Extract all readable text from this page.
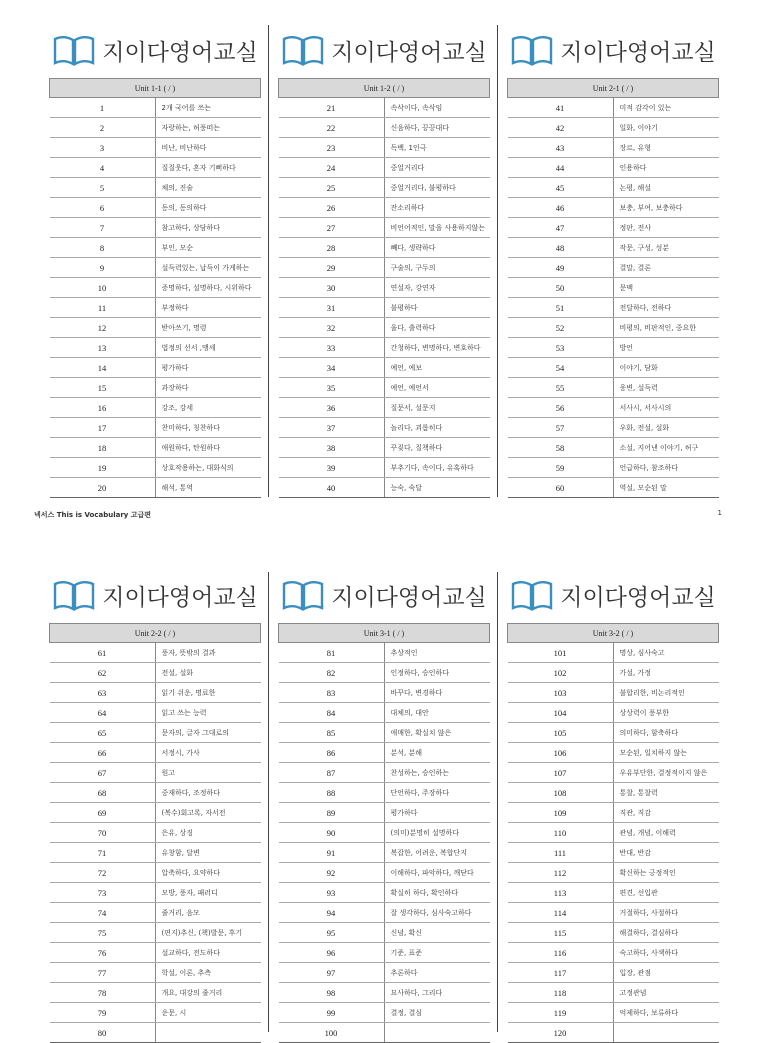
지이다영어교실
Unit 1-1 ( / )	
1	2개 국어를 쓰는
2	자랑하는, 허풍떠는
3	비난, 비난하다
4	질질웃다, 혼자 기뻐하다
5	체의, 진술
6	동의, 동의하다
7	참고하다, 상담하다
8	부인, 모순
9	설득력있는, 납득이 가게하는
10	증명하다, 설명하다, 시위하다
11	부정하다
12	받아쓰기, 명령
13	법정의 선서 ,맹세
14	평가하다
15	과장하다
16	강조, 강세
17	찬미하다, 칭찬하다
18	애원하다, 탄원하다
19	상호작용하는, 대화식의
20	해석, 통역
지이다영어교실
Unit 1-2 ( / )	
21	속삭이다, 속삭임
22	신음하다, 끙끙대다
23	독백, 1인극
24	중얼거리다
25	중얼거리다, 불평하다
26	잔소리하다
27	비언어적인, 말을 사용하지않는
28	빼다, 생략하다
29	구술의, 구두의
30	연설자, 강연자
31	불평하다
32	울다, 출력하다
33	간청하다, 변명하다, 변호하다
34	예언, 예보
35	예언, 예언서
36	질문서, 설문지
37	놀리다, 괴롭히다
38	꾸짖다, 질책하다
39	부추기다, 속이다, 유혹하다
40	능숙, 숙달
지이다영어교실
Unit 2-1 ( / )	
41	미적 감각이 있는
42	일화, 이야기
43	장르, 유형
44	인용하다
45	논평, 해설
46	보충, 부여, 보충하다
47	정판, 전사
48	작문, 구성, 성분
49	결말, 결론
50	문맥
51	전달하다, 전하다
52	비평의, 비판적인, 중요한
53	방언
54	이야기, 담화
55	웅변, 설득력
56	서사시, 서사시의
57	우화, 전설, 설화
58	소설, 지어낸 이야기, 허구
59	언급하다, 참조하다
60	역설, 모순된 말
넥서스 This is Vocabulary 고급편	1
지이다영어교실
Unit 2-2 ( / )	
61	풍자, 뜻밖의 결과
62	전설, 설화
63	읽기 쉬운, 명료한
64	읽고 쓰는 능력
65	문자의, 글자 그대로의
66	서정시, 가사
67	원고
68	중재하다, 조정하다
69	(복수)회고록, 자서전
70	은유, 상징
71	유창함, 달변
72	압축하다, 요약하다
73	모방, 풍자, 패러디
74	줄거리, 음모
75	(편지)추신, (책)발문, 후기
76	설교하다, 전도하다
77	학설, 이론, 추측
78	개요, 대강의 줄거리
79	운문, 시
80	
지이다영어교실
Unit 3-1 ( / )	
81	추상적인
82	인정하다, 승인하다
83	바꾸다, 변경하다
84	대체의, 대안
85	애매한, 확실치 않은
86	분석, 분해
87	찬성하는, 승인하는
88	단언하다, 주장하다
89	평가하다
90	(의미)분명히 설명하다
91	복잡한, 어려운, 복합단지
92	이해하다, 파악하다, 깨닫다
93	확실히 하다, 확인하다
94	잘 생각하다, 심사숙고하다
95	신념, 확신
96	기준, 표준
97	추론하다
98	묘사하다, 그리다
99	결정, 결심
100	
지이다영어교실
Unit 3-2 ( / )	
101	명상, 심사숙고
102	가설, 가정
103	불합리한, 비논리적인
104	상상력이 풍부한
105	의미하다, 함축하다
106	모순된, 일치하지 않는
107	우유부단한, 결정적이지 않은
108	통찰, 통찰력
109	직관, 직감
110	관념, 개념, 이해력
111	반대, 반감
112	확신하는 긍정적인
113	편견, 선입관
114	거절하다, 사절하다
115	해결하다, 결심하다
116	숙고하다, 사색하다
117	입장, 관점
118	고정관념
119	억제하다, 보류하다
120	
